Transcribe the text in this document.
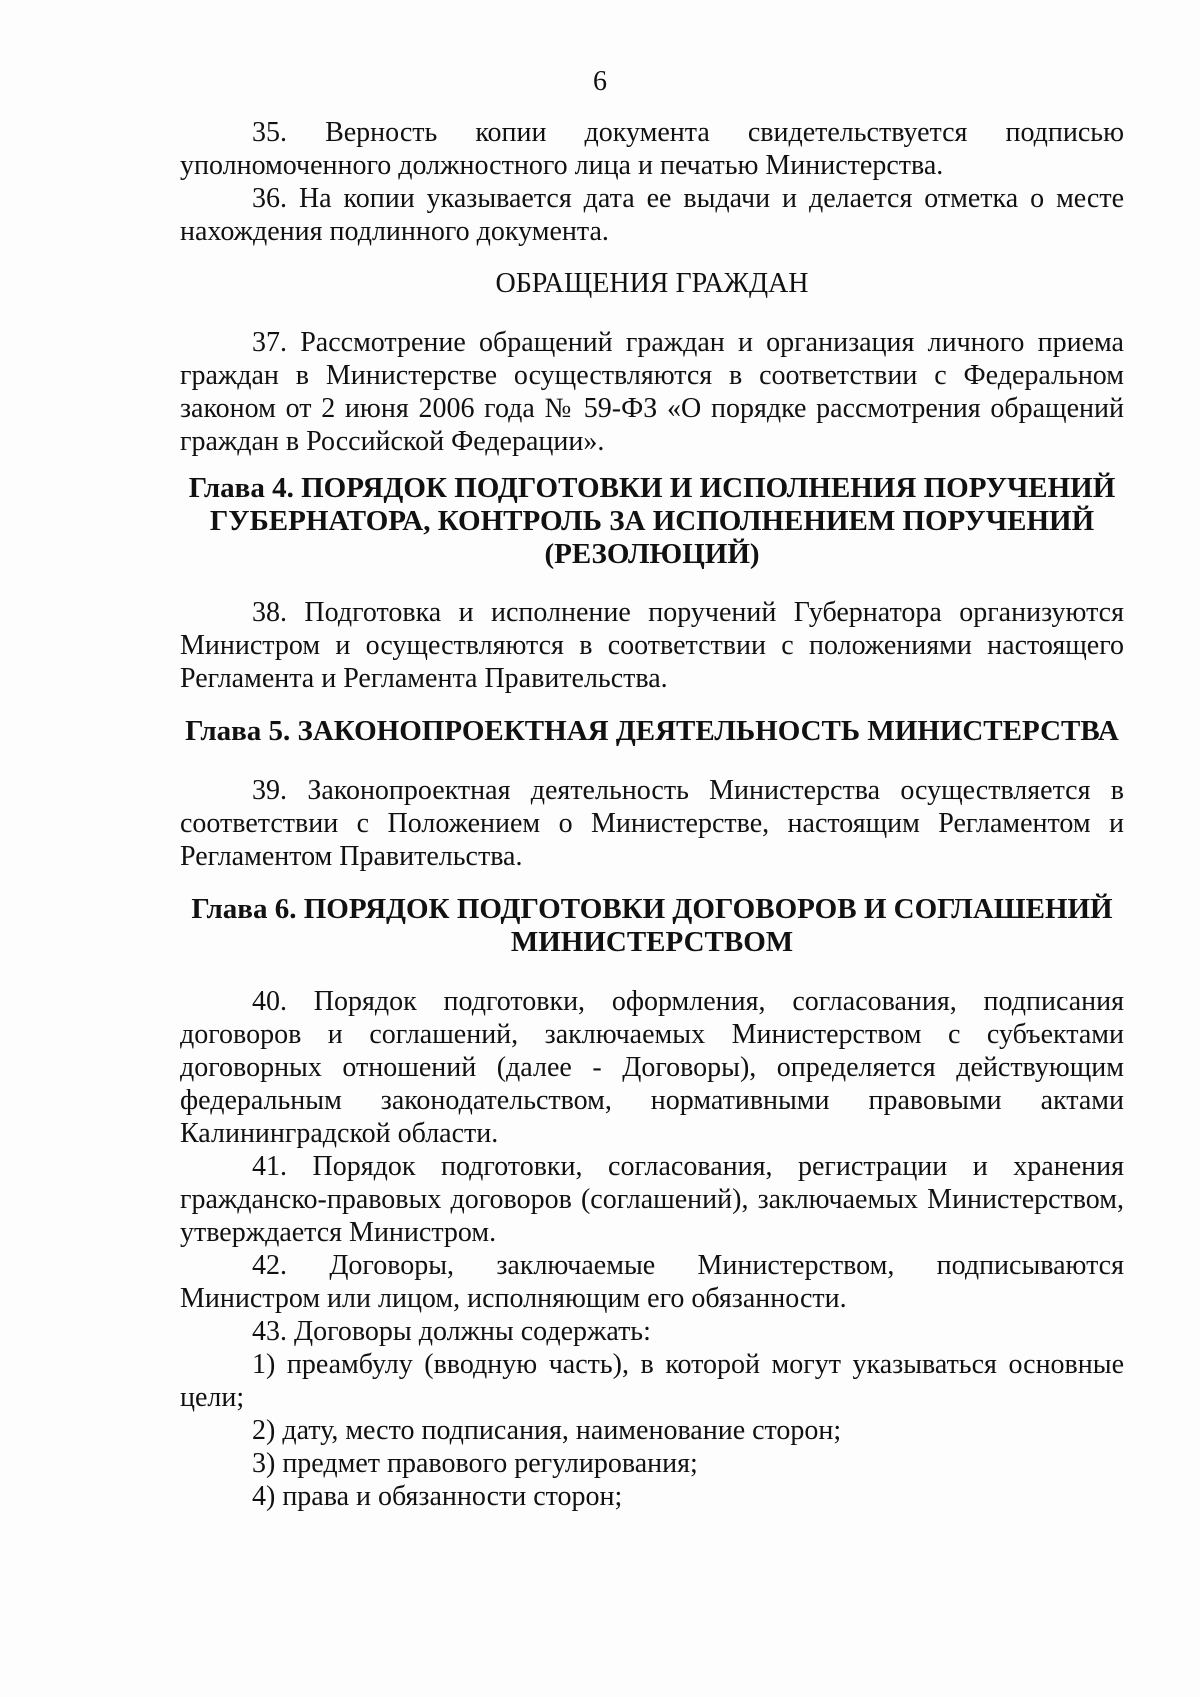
6

35. Верность копии документа свидетельствуется подписью уполномоченного должностного лица и печатью Министерства.

36. На копии указывается дата ее выдачи и делается отметка о месте нахождения подлинного документа.

ОБРАЩЕНИЯ ГРАЖДАН

37. Рассмотрение обращений граждан и организация личного приема граждан в Министерстве осуществляются в соответствии с Федеральном законом от 2 июня 2006 года № 59-ФЗ «О порядке рассмотрения обращений граждан в Российской Федерации».

Глава 4. ПОРЯДОК ПОДГОТОВКИ И ИСПОЛНЕНИЯ ПОРУЧЕНИЙ
ГУБЕРНАТОРА, КОНТРОЛЬ ЗА ИСПОЛНЕНИЕМ ПОРУЧЕНИЙ
(РЕЗОЛЮЦИЙ)

38. Подготовка и исполнение поручений Губернатора организуются Министром и осуществляются в соответствии с положениями настоящего Регламента и Регламента Правительства.

Глава 5. ЗАКОНОПРОЕКТНАЯ ДЕЯТЕЛЬНОСТЬ МИНИСТЕРСТВА

39. Законопроектная деятельность Министерства осуществляется в соответствии с Положением о Министерстве, настоящим Регламентом и Регламентом Правительства.

Глава 6. ПОРЯДОК ПОДГОТОВКИ ДОГОВОРОВ И СОГЛАШЕНИЙ
МИНИСТЕРСТВОМ

40. Порядок подготовки, оформления, согласования, подписания договоров и соглашений, заключаемых Министерством с субъектами договорных отношений (далее - Договоры), определяется действующим федеральным законодательством, нормативными правовыми актами Калининградской области.

41. Порядок подготовки, согласования, регистрации и хранения гражданско-правовых договоров (соглашений), заключаемых Министерством, утверждается Министром.

42. Договоры, заключаемые Министерством, подписываются Министром или лицом, исполняющим его обязанности.

43. Договоры должны содержать:

1) преамбулу (вводную часть), в которой могут указываться основные цели;

2) дату, место подписания, наименование сторон;

3) предмет правового регулирования;

4) права и обязанности сторон;
